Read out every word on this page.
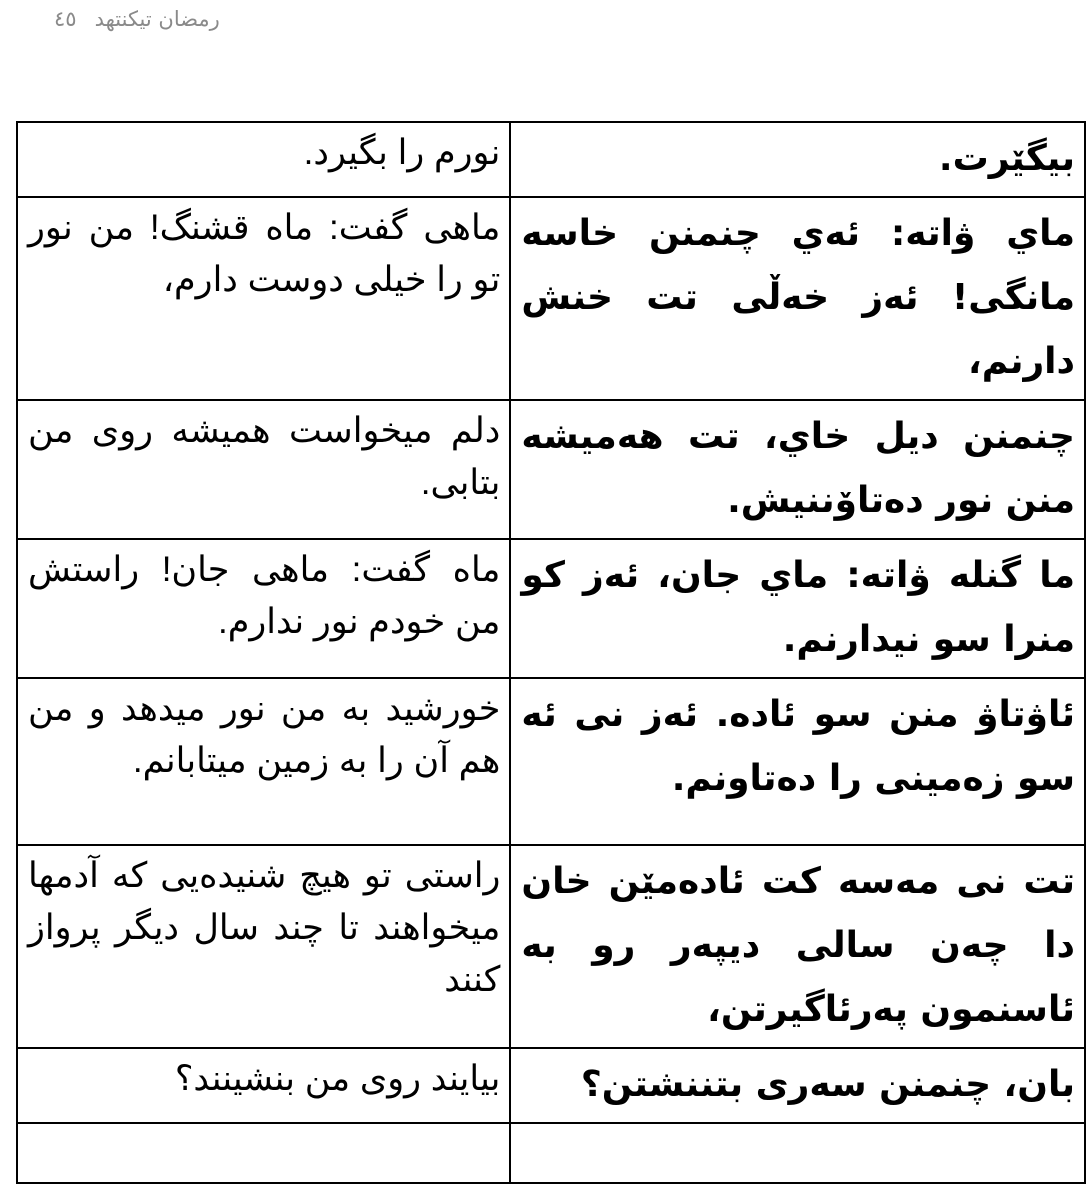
رمضان تیکنتهد
٤٥
بیگێرت.	نورم را بگیرد.
ماي ۋاته: ئەي چنمنن خاسه مانگی! ئەز خەڵی تت خنش دارنم،	ماهی گفت: ماه قشنگ! من نور تو را خیلی دوست دارم،
چنمنن دیل خاي، تت هەمیشه منن نور دەتاۆننیش.	دلم میخواست همیشه روی من بتابی.
ما گنله ۋاته: ماي جان، ئەز کو منرا سو نیدارنم.	ماه گفت: ماهی جان! راستش من خودم نور ندارم.
ئاۋتاۋ منن سو ئاده. ئەز نی ئه سو زەمینی را دەتاونم.	خورشید به من نور میدهد و من هم آن را به زمین میتابانم.
تت نی مەسه کت ئادەمێن خان دا چەن سالی دیپەر رو به ئاسنمون پەرئاگیرتن،	راستی تو هیچ شنیدەیی که آدمها میخواهند تا چند سال دیگر پرواز کنند
بان، چنمنن سەری بتننشتن؟	بیایند روی من بنشینند؟
